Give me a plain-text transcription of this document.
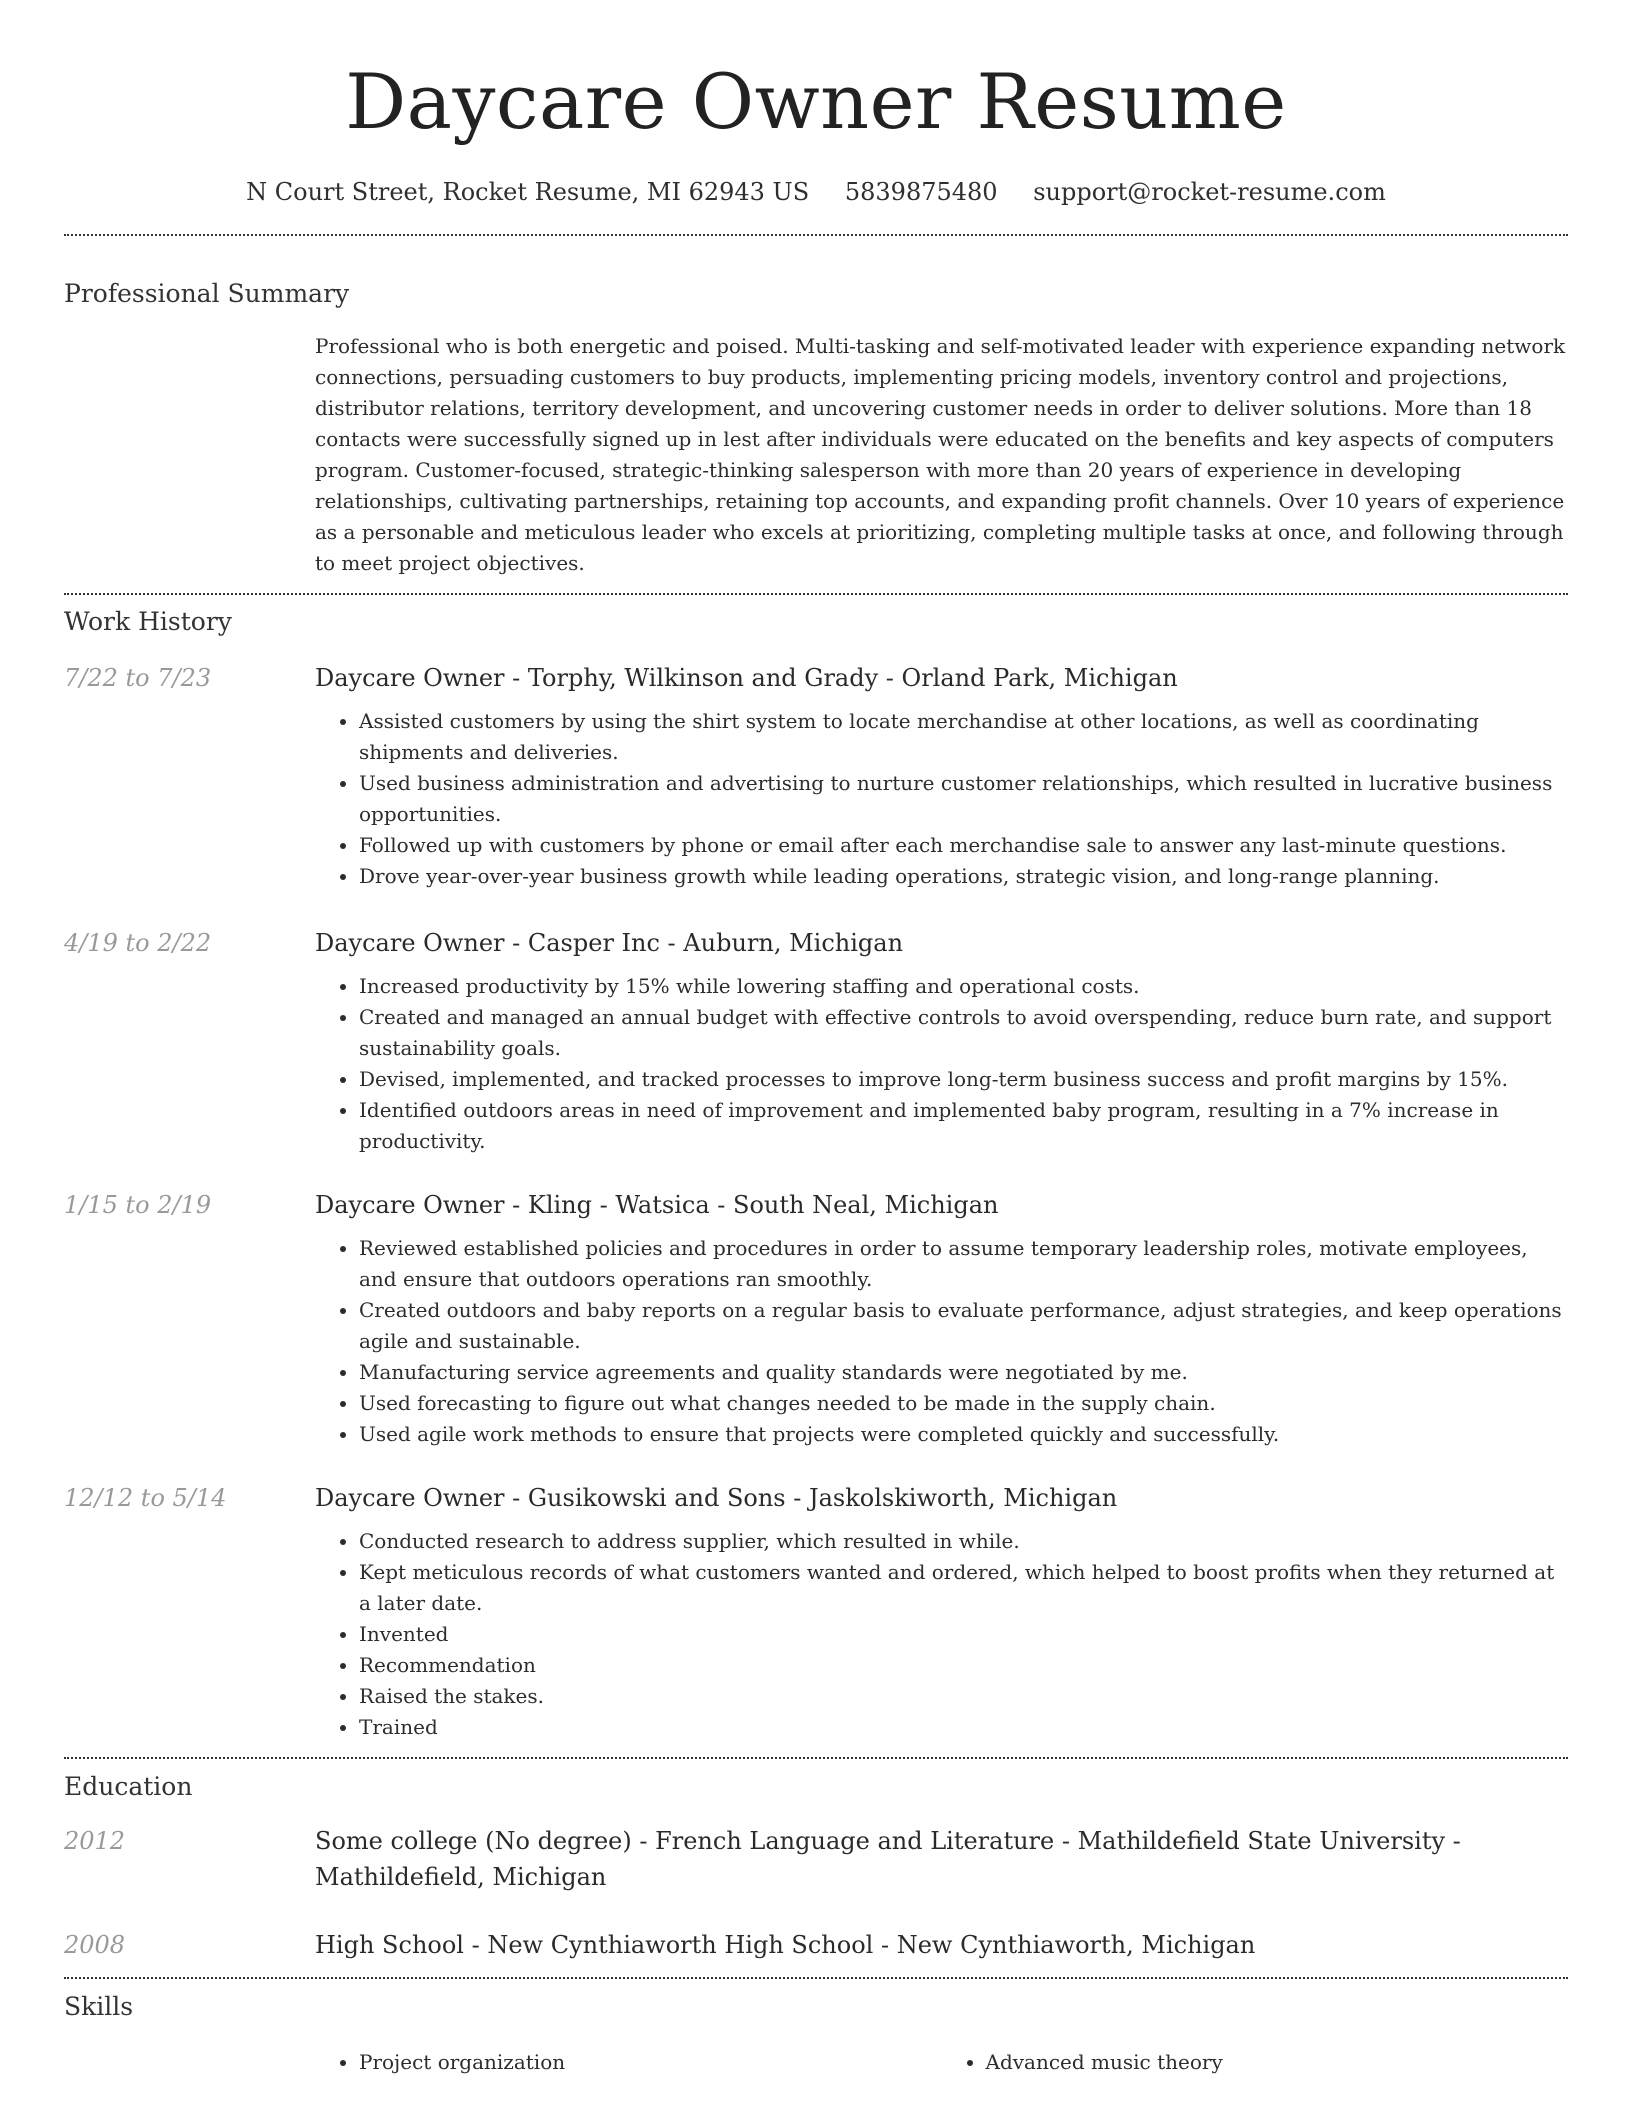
Daycare Owner Resume
N Court Street, Rocket Resume, MI 62943 US 5839875480 support@rocket-resume.com
Professional Summary

Professional who is both energetic and poised. Multi-tasking and self-motivated leader with experience expanding network connections, persuading customers to buy products, implementing pricing models, inventory control and projections, distributor relations, territory development, and uncovering customer needs in order to deliver solutions. More than 18 contacts were successfully signed up in lest after individuals were educated on the benefits and key aspects of computers program. Customer-focused, strategic-thinking salesperson with more than 20 years of experience in developing relationships, cultivating partnerships, retaining top accounts, and expanding profit channels. Over 10 years of experience as a personable and meticulous leader who excels at prioritizing, completing multiple tasks at once, and following through to meet project objectives.

Work History
7/22 to 7/23	Daycare Owner - Torphy, Wilkinson and Grady - Orland Park, Michigan
• Assisted customers by using the shirt system to locate merchandise at other locations, as well as coordinating shipments and deliveries.
• Used business administration and advertising to nurture customer relationships, which resulted in lucrative business opportunities.
• Followed up with customers by phone or email after each merchandise sale to answer any last-minute questions.
• Drove year-over-year business growth while leading operations, strategic vision, and long-range planning.
4/19 to 2/22	Daycare Owner - Casper Inc - Auburn, Michigan
• Increased productivity by 15% while lowering staffing and operational costs.
• Created and managed an annual budget with effective controls to avoid overspending, reduce burn rate, and support sustainability goals.
• Devised, implemented, and tracked processes to improve long-term business success and profit margins by 15%.
• Identified outdoors areas in need of improvement and implemented baby program, resulting in a 7% increase in productivity.
1/15 to 2/19	Daycare Owner - Kling - Watsica - South Neal, Michigan
• Reviewed established policies and procedures in order to assume temporary leadership roles, motivate employees, and ensure that outdoors operations ran smoothly.
• Created outdoors and baby reports on a regular basis to evaluate performance, adjust strategies, and keep operations agile and sustainable.
• Manufacturing service agreements and quality standards were negotiated by me.
• Used forecasting to figure out what changes needed to be made in the supply chain.
• Used agile work methods to ensure that projects were completed quickly and successfully.
12/12 to 5/14	Daycare Owner - Gusikowski and Sons - Jaskolskiworth, Michigan
• Conducted research to address supplier, which resulted in while.
• Kept meticulous records of what customers wanted and ordered, which helped to boost profits when they returned at a later date.
• Invented
• Recommendation
• Raised the stakes.
• Trained
Education
2012	Some college (No degree) - French Language and Literature - Mathildefield State University - Mathildefield, Michigan
2008	High School - New Cynthiaworth High School - New Cynthiaworth, Michigan
Skills
• Project organization
•	Advanced music theory
